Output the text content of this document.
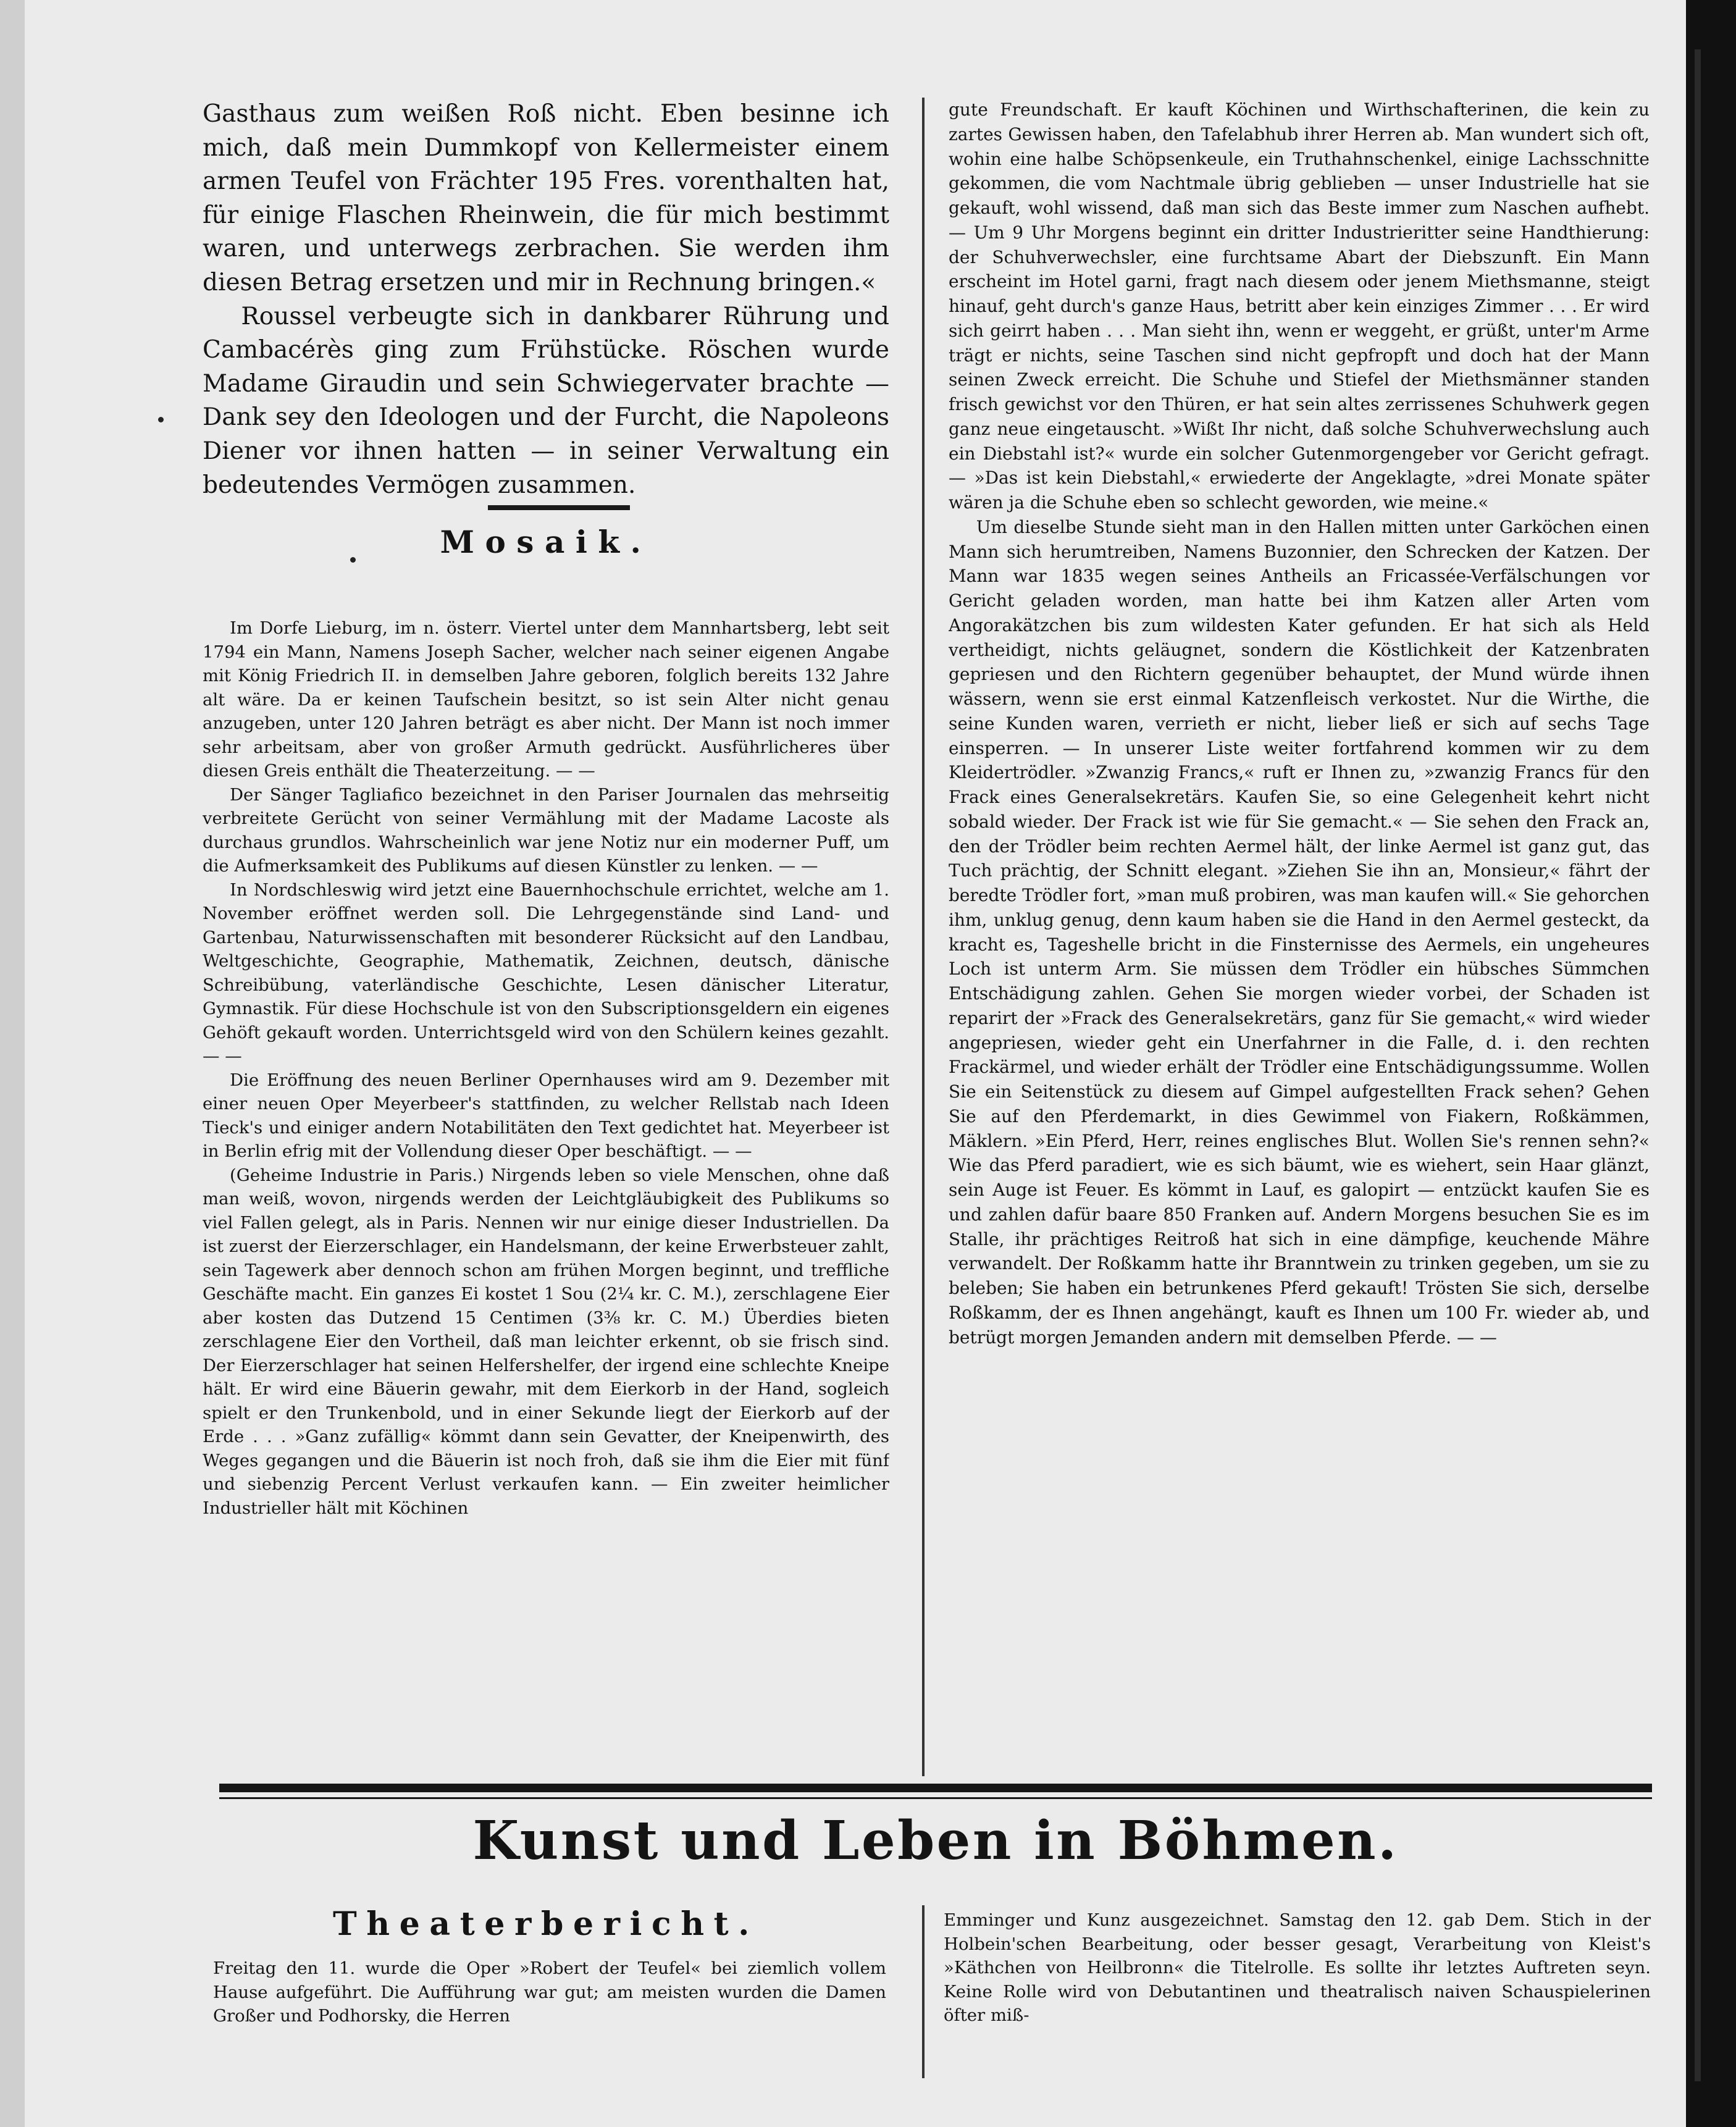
Gasthaus zum weißen Roß nicht. Eben besinne ich mich, daß mein Dummkopf von Kellermeister einem armen Teufel von Frächter 195 Fres. vorenthalten hat, für einige Flaschen Rheinwein, die für mich bestimmt waren, und unterwegs zerbrachen. Sie werden ihm diesen Betrag ersetzen und mir in Rechnung bringen.«

Roussel verbeugte sich in dankbarer Rührung und Cambacérès ging zum Frühstücke. Röschen wurde Madame Giraudin und sein Schwiegervater brachte — Dank sey den Ideologen und der Furcht, die Napoleons Diener vor ihnen hatten — in seiner Verwaltung ein bedeutendes Vermögen zusammen.

Im Dorfe Lieburg, im n. österr. Viertel unter dem Mannhartsberg, lebt seit 1794 ein Mann, Namens Joseph Sacher, welcher nach seiner eigenen Angabe mit König Friedrich II. in demselben Jahre geboren, folglich bereits 132 Jahre alt wäre. Da er keinen Taufschein besitzt, so ist sein Alter nicht genau anzugeben, unter 120 Jahren beträgt es aber nicht. Der Mann ist noch immer sehr arbeitsam, aber von großer Armuth gedrückt. Ausführlicheres über diesen Greis enthält die Theaterzeitung. — —

Der Sänger Tagliafico bezeichnet in den Pariser Journalen das mehrseitig verbreitete Gerücht von seiner Vermählung mit der Madame Lacoste als durchaus grundlos. Wahrscheinlich war jene Notiz nur ein moderner Puff, um die Aufmerksamkeit des Publikums auf diesen Künstler zu lenken. — —

In Nordschleswig wird jetzt eine Bauernhochschule errichtet, welche am 1. November eröffnet werden soll. Die Lehrgegenstände sind Land- und Gartenbau, Naturwissenschaften mit besonderer Rücksicht auf den Landbau, Weltgeschichte, Geographie, Mathematik, Zeichnen, deutsch, dänische Schreibübung, vaterländische Geschichte, Lesen dänischer Literatur, Gymnastik. Für diese Hochschule ist von den Subscriptionsgeldern ein eigenes Gehöft gekauft worden. Unterrichtsgeld wird von den Schülern keines gezahlt. — —

Die Eröffnung des neuen Berliner Opernhauses wird am 9. Dezember mit einer neuen Oper Meyerbeer's stattfinden, zu welcher Rellstab nach Ideen Tieck's und einiger andern Notabilitäten den Text gedichtet hat. Meyerbeer ist in Berlin efrig mit der Vollendung dieser Oper beschäftigt. — —

(Geheime Industrie in Paris.) Nirgends leben so viele Menschen, ohne daß man weiß, wovon, nirgends werden der Leichtgläubigkeit des Publikums so viel Fallen gelegt, als in Paris. Nennen wir nur einige dieser Industriellen. Da ist zuerst der Eierzerschlager, ein Handelsmann, der keine Erwerbsteuer zahlt, sein Tagewerk aber dennoch schon am frühen Morgen beginnt, und treffliche Geschäfte macht. Ein ganzes Ei kostet 1 Sou (2¼ kr. C. M.), zerschlagene Eier aber kosten das Dutzend 15 Centimen (3⅜ kr. C. M.) Überdies bieten zerschlagene Eier den Vortheil, daß man leichter erkennt, ob sie frisch sind. Der Eierzerschlager hat seinen Helfershelfer, der irgend eine schlechte Kneipe hält. Er wird eine Bäuerin gewahr, mit dem Eierkorb in der Hand, sogleich spielt er den Trunkenbold, und in einer Sekunde liegt der Eierkorb auf der Erde . . . »Ganz zufällig« kömmt dann sein Gevatter, der Kneipenwirth, des Weges gegangen und die Bäuerin ist noch froh, daß sie ihm die Eier mit fünf und siebenzig Percent Verlust verkaufen kann. — Ein zweiter heimlicher Industrieller hält mit Köchinen

Mosaik.

gute Freundschaft. Er kauft Köchinen und Wirthschafterinen, die kein zu zartes Gewissen haben, den Tafelabhub ihrer Herren ab. Man wundert sich oft, wohin eine halbe Schöpsenkeule, ein Truthahnschenkel, einige Lachsschnitte gekommen, die vom Nachtmale übrig geblieben — unser Industrielle hat sie gekauft, wohl wissend, daß man sich das Beste immer zum Naschen aufhebt. — Um 9 Uhr Morgens beginnt ein dritter Industrieritter seine Handthierung: der Schuhverwechsler, eine furchtsame Abart der Diebszunft. Ein Mann erscheint im Hotel garni, fragt nach diesem oder jenem Miethsmanne, steigt hinauf, geht durch's ganze Haus, betritt aber kein einziges Zimmer . . . Er wird sich geirrt haben . . . Man sieht ihn, wenn er weggeht, er grüßt, unter'm Arme trägt er nichts, seine Taschen sind nicht gepfropft und doch hat der Mann seinen Zweck erreicht. Die Schuhe und Stiefel der Miethsmänner standen frisch gewichst vor den Thüren, er hat sein altes zerrissenes Schuhwerk gegen ganz neue eingetauscht. »Wißt Ihr nicht, daß solche Schuhverwechslung auch ein Diebstahl ist?« wurde ein solcher Gutenmorgengeber vor Gericht gefragt. — »Das ist kein Diebstahl,« erwiederte der Angeklagte, »drei Monate später wären ja die Schuhe eben so schlecht geworden, wie meine.«

Um dieselbe Stunde sieht man in den Hallen mitten unter Garköchen einen Mann sich herumtreiben, Namens Buzonnier, den Schrecken der Katzen. Der Mann war 1835 wegen seines Antheils an Fricassée-Verfälschungen vor Gericht geladen worden, man hatte bei ihm Katzen aller Arten vom Angorakätzchen bis zum wildesten Kater gefunden. Er hat sich als Held vertheidigt, nichts geläugnet, sondern die Köstlichkeit der Katzenbraten gepriesen und den Richtern gegenüber behauptet, der Mund würde ihnen wässern, wenn sie erst einmal Katzenfleisch verkostet. Nur die Wirthe, die seine Kunden waren, verrieth er nicht, lieber ließ er sich auf sechs Tage einsperren. — In unserer Liste weiter fortfahrend kommen wir zu dem Kleidertrödler. »Zwanzig Francs,« ruft er Ihnen zu, »zwanzig Francs für den Frack eines Generalsekretärs. Kaufen Sie, so eine Gelegenheit kehrt nicht sobald wieder. Der Frack ist wie für Sie gemacht.« — Sie sehen den Frack an, den der Trödler beim rechten Aermel hält, der linke Aermel ist ganz gut, das Tuch prächtig, der Schnitt elegant. »Ziehen Sie ihn an, Monsieur,« fährt der beredte Trödler fort, »man muß probiren, was man kaufen will.« Sie gehorchen ihm, unklug genug, denn kaum haben sie die Hand in den Aermel gesteckt, da kracht es, Tageshelle bricht in die Finsternisse des Aermels, ein ungeheures Loch ist unterm Arm. Sie müssen dem Trödler ein hübsches Sümmchen Entschädigung zahlen. Gehen Sie morgen wieder vorbei, der Schaden ist reparirt der »Frack des Generalsekretärs, ganz für Sie gemacht,« wird wieder angepriesen, wieder geht ein Unerfahrner in die Falle, d. i. den rechten Frackärmel, und wieder erhält der Trödler eine Entschädigungssumme. Wollen Sie ein Seitenstück zu diesem auf Gimpel aufgestellten Frack sehen? Gehen Sie auf den Pferdemarkt, in dies Gewimmel von Fiakern, Roßkämmen, Mäklern. »Ein Pferd, Herr, reines englisches Blut. Wollen Sie's rennen sehn?« Wie das Pferd paradiert, wie es sich bäumt, wie es wiehert, sein Haar glänzt, sein Auge ist Feuer. Es kömmt in Lauf, es galopirt — entzückt kaufen Sie es und zahlen dafür baare 850 Franken auf. Andern Morgens besuchen Sie es im Stalle, ihr prächtiges Reitroß hat sich in eine dämpfige, keuchende Mähre verwandelt. Der Roßkamm hatte ihr Branntwein zu trinken gegeben, um sie zu beleben; Sie haben ein betrunkenes Pferd gekauft! Trösten Sie sich, derselbe Roßkamm, der es Ihnen angehängt, kauft es Ihnen um 100 Fr. wieder ab, und betrügt morgen Jemanden andern mit demselben Pferde. — —

Kunst und Leben in Böhmen.
Theaterbericht.
Freitag den 11. wurde die Oper »Robert der Teufel« bei ziemlich vollem Hause aufgeführt. Die Aufführung war gut; am meisten wurden die Damen Großer und Podhorsky, die Herren
Emminger und Kunz ausgezeichnet. Samstag den 12. gab Dem. Stich in der Holbein'schen Bearbeitung, oder besser gesagt, Verarbeitung von Kleist's »Käthchen von Heilbronn« die Titelrolle. Es sollte ihr letztes Auftreten seyn. Keine Rolle wird von Debutantinen und theatralisch naiven Schauspielerinen öfter miß-
